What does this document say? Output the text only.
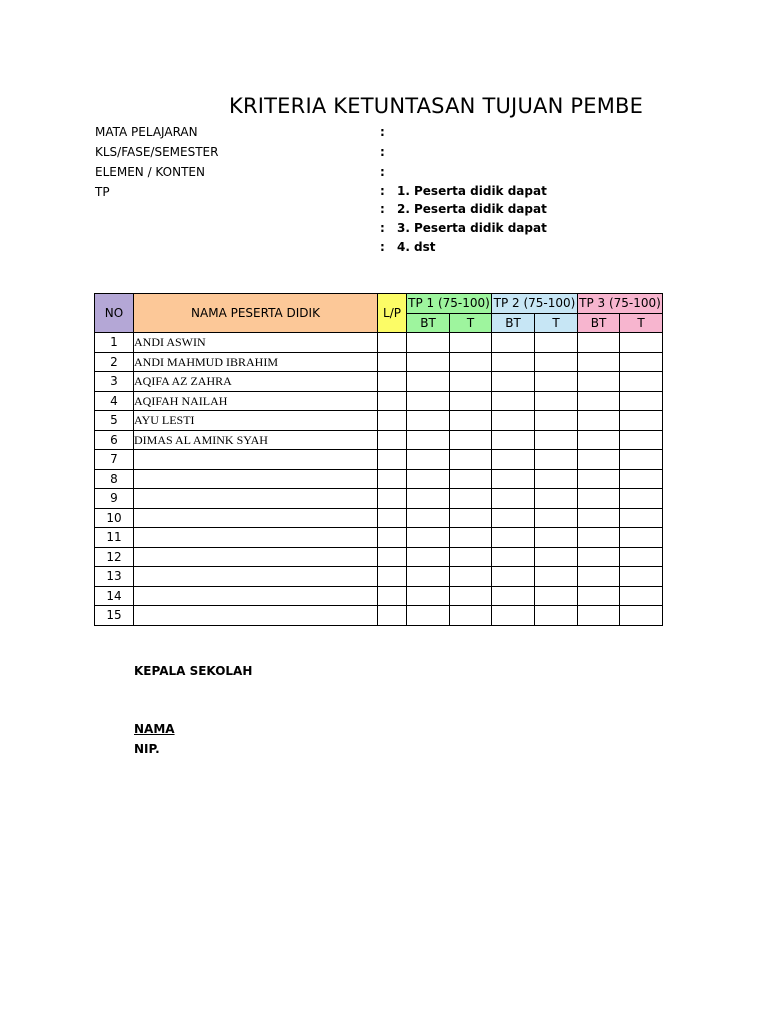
KRITERIA KETUNTASAN TUJUAN PEMBE
MATA PELAJARAN	:
KLS/FASE/SEMESTER	:
ELEMEN / KONTEN	:
TP	: 1. Peserta didik dapat
: 2. Peserta didik dapat
: 3. Peserta didik dapat
: 4. dst
NO	NAMA PESERTA DIDIK	L/P	TP 1 (75-100)		TP 2 (75-100)		TP 3 (75-100)	
			BT	T	BT	T	BT	T
1	ANDI ASWIN							
2	ANDI MAHMUD IBRAHIM							
3	AQIFA AZ ZAHRA							
4	AQIFAH NAILAH							
5	AYU LESTI							
6	DIMAS AL AMINK SYAH							
7								
8								
9								
10								
11								
12								
13								
14								
15								
KEPALA SEKOLAH
NAMA
NIP.
